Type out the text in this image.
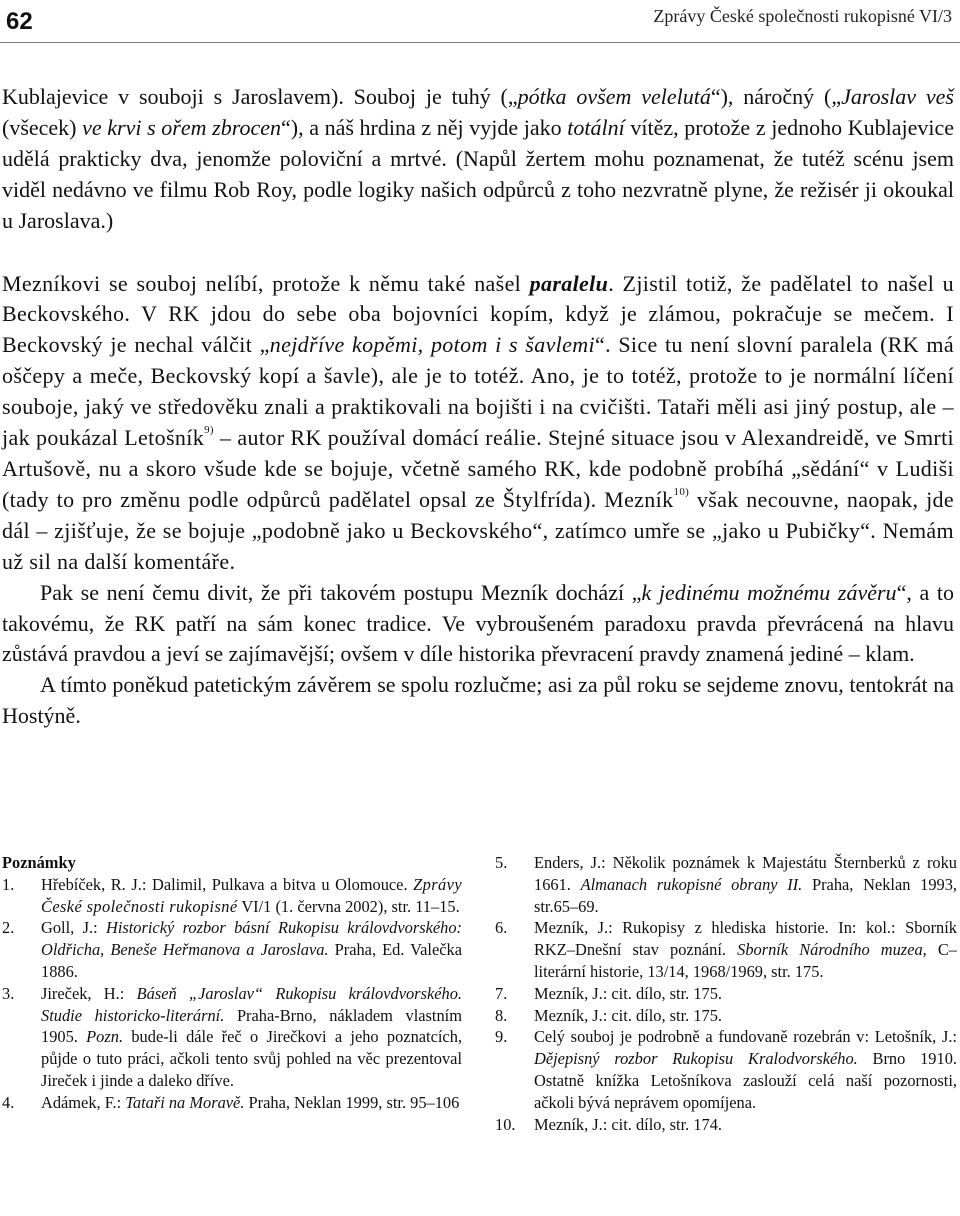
62	Zprávy České společnosti rukopisné VI/3

Kublajevice v souboji s Jaroslavem). Souboj je tuhý („pótka ovšem velelutá“), náročný („Jaroslav veš (všecek) ve krvi s ořem zbrocen“), a náš hrdina z něj vyjde jako totální vítěz, protože z jednoho Kublajevice udělá prakticky dva, jenomže poloviční a mrtvé. (Napůl žertem mohu poznamenat, že tutéž scénu jsem viděl nedávno ve filmu Rob Roy, podle logiky našich odpůrců z toho nezvratně plyne, že režisér ji okoukal u Jaroslava.)

Mezníkovi se souboj nelíbí, protože k němu také našel paralelu. Zjistil totiž, že padělatel to našel u Beckovského. V RK jdou do sebe oba bojovníci kopím, když je zlámou, pokračuje se mečem. I Beckovský je nechal válčit „nejdříve kopěmi, potom i s šavlemi“. Sice tu není slovní paralela (RK má oščepy a meče, Beckovský kopí a šavle), ale je to totéž. Ano, je to totéž, protože to je normální líčení souboje, jaký ve středověku znali a praktikovali na bojišti i na cvičišti. Tataři měli asi jiný postup, ale – jak poukázal Letošník$^{9)}$ – autor RK používal domácí reálie. Stejné situace jsou v Alexandreidě, ve Smrti Artušově, nu a skoro všude kde se bojuje, včetně samého RK, kde podobně probíhá „sědání“ v Ludiši (tady to pro změnu podle odpůrců padělatel opsal ze Štylfrída). Mezník$^{10)}$ však necouvne, naopak, jde dál – zjišťuje, že se bojuje „podobně jako u Beckovského“, zatímco umře se „jako u Pubičky“. Nemám už sil na další komentáře.

Pak se není čemu divit, že při takovém postupu Mezník dochází „k jedinému možnému závěru“, a to takovému, že RK patří na sám konec tradice. Ve vybroušeném paradoxu pravda převrácená na hlavu zůstává pravdou a jeví se zajímavější; ovšem v díle historika převracení pravdy znamená jediné – klam.

A tímto poněkud patetickým závěrem se spolu rozlučme; asi za půl roku se sejdeme znovu, tentokrát na Hostýně.

Poznámky
1. Hřebíček, R. J.: Dalimil, Pulkava a bitva u Olomouce. Zprávy České společnosti rukopisné VI/1 (1. června 2002), str. 11–15.
2. Goll, J.: Historický rozbor básní Rukopisu královdvorského: Oldřicha, Beneše Heřmanova a Jaroslava. Praha, Ed. Valečka 1886.
3. Jireček, H.: Báseň „Jaroslav“ Rukopisu královdvorského. Studie historicko-literární. Praha-Brno, nákladem vlastním 1905. Pozn. bude-li dále řeč o Jirečkovi a jeho poznatcích, půjde o tuto práci, ačkoli tento svůj pohled na věc prezentoval Jireček i jinde a daleko dříve.
4. Adámek, F.: Tataři na Moravě. Praha, Neklan 1999, str. 95–106
5. Enders, J.: Několik poznámek k Majestátu Šternberků z roku 1661. Almanach rukopisné obrany II. Praha, Neklan 1993, str.65–69.
6. Mezník, J.: Rukopisy z hlediska historie. In: kol.: Sborník RKZ–Dnešní stav poznání. Sborník Národního muzea, C–literární historie, 13/14, 1968/1969, str. 175.
7. Mezník, J.: cit. dílo, str. 175.
8. Mezník, J.: cit. dílo, str. 175.
9. Celý souboj je podrobně a fundovaně rozebrán v: Letošník, J.: Dějepisný rozbor Rukopisu Kralodvorského. Brno 1910. Ostatně knížka Letošníkova zaslouží celá naší pozornosti, ačkoli bývá neprávem opomíjena.
10. Mezník, J.: cit. dílo, str. 174.
